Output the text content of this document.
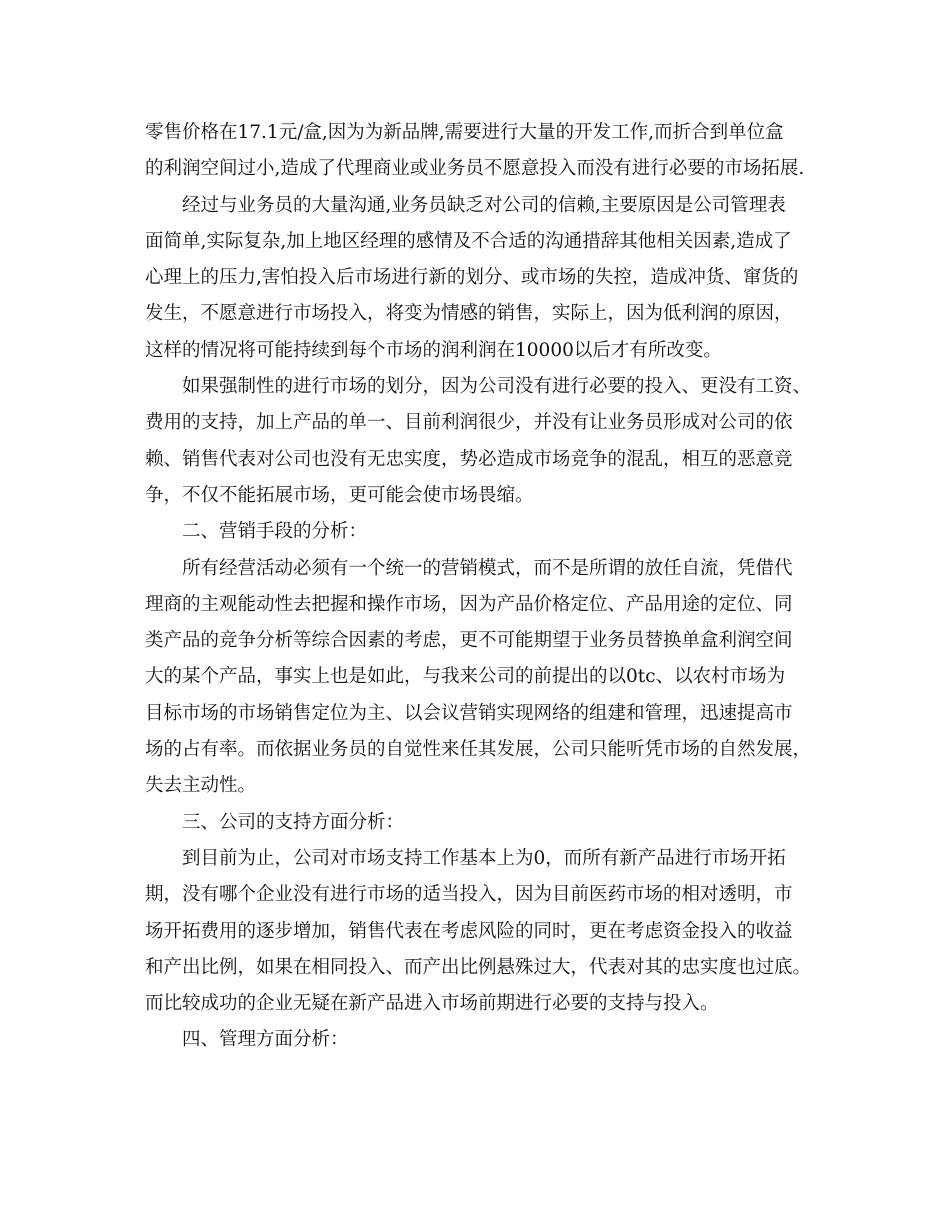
零售价格在17.1元/盒,因为为新品牌,需要进行大量的开发工作,而折合到单位盒
的利润空间过小,造成了代理商业或业务员不愿意投入而没有进行必要的市场拓展.
经过与业务员的大量沟通,业务员缺乏对公司的信赖,主要原因是公司管理表
面简单,实际复杂,加上地区经理的感情及不合适的沟通措辞其他相关因素,造成了
心理上的压力,害怕投入后市场进行新的划分、或市场的失控，造成冲货、窜货的
发生，不愿意进行市场投入，将变为情感的销售，实际上，因为低利润的原因，
这样的情况将可能持续到每个市场的润利润在10000以后才有所改变。
如果强制性的进行市场的划分，因为公司没有进行必要的投入、更没有工资、
费用的支持，加上产品的单一、目前利润很少，并没有让业务员形成对公司的依
赖、销售代表对公司也没有无忠实度，势必造成市场竞争的混乱，相互的恶意竞
争，不仅不能拓展市场，更可能会使市场畏缩。
二、营销手段的分析：
所有经营活动必须有一个统一的营销模式，而不是所谓的放任自流，凭借代
理商的主观能动性去把握和操作市场，因为产品价格定位、产品用途的定位、同
类产品的竞争分析等综合因素的考虑，更不可能期望于业务员替换单盒利润空间
大的某个产品，事实上也是如此，与我来公司的前提出的以0tc、以农村市场为
目标市场的市场销售定位为主、以会议营销实现网络的组建和管理，迅速提高市
场的占有率。而依据业务员的自觉性来任其发展，公司只能听凭市场的自然发展，
失去主动性。
三、公司的支持方面分析：
到目前为止，公司对市场支持工作基本上为0，而所有新产品进行市场开拓
期，没有哪个企业没有进行市场的适当投入，因为目前医药市场的相对透明，市
场开拓费用的逐步增加，销售代表在考虑风险的同时，更在考虑资金投入的收益
和产出比例，如果在相同投入、而产出比例悬殊过大，代表对其的忠实度也过底。
而比较成功的企业无疑在新产品进入市场前期进行必要的支持与投入。
四、管理方面分析：
